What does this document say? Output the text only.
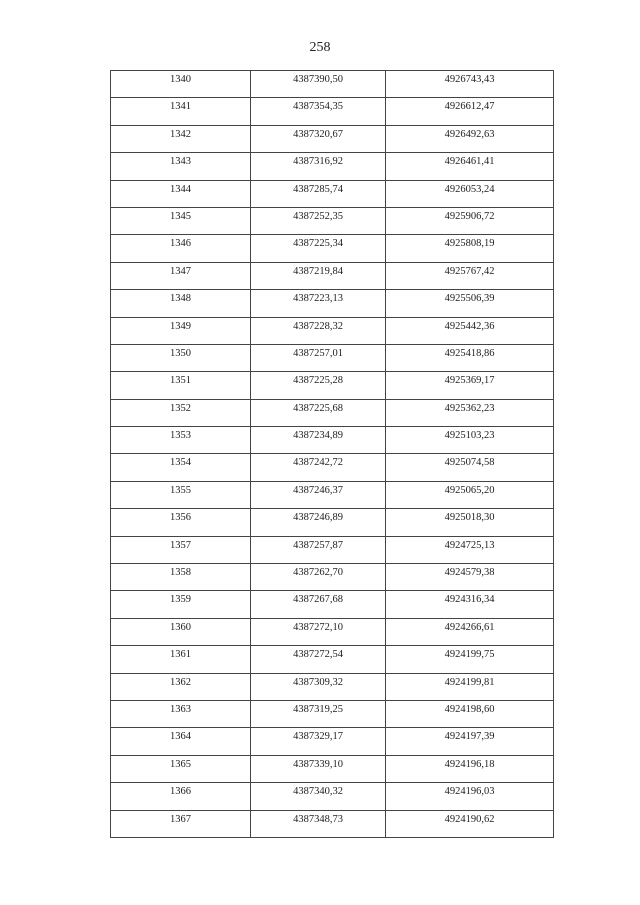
258
1340	4387390,50	4926743,43

1341	4387354,35	4926612,47

1342	4387320,67	4926492,63

1343	4387316,92	4926461,41

1344	4387285,74	4926053,24

1345	4387252,35	4925906,72

1346	4387225,34	4925808,19

1347	4387219,84	4925767,42

1348	4387223,13	4925506,39

1349	4387228,32	4925442,36

1350	4387257,01	4925418,86

1351	4387225,28	4925369,17

1352	4387225,68	4925362,23

1353	4387234,89	4925103,23

1354	4387242,72	4925074,58

1355	4387246,37	4925065,20

1356	4387246,89	4925018,30

1357	4387257,87	4924725,13

1358	4387262,70	4924579,38

1359	4387267,68	4924316,34

1360	4387272,10	4924266,61

1361	4387272,54	4924199,75

1362	4387309,32	4924199,81

1363	4387319,25	4924198,60

1364	4387329,17	4924197,39

1365	4387339,10	4924196,18

1366	4387340,32	4924196,03

1367	4387348,73	4924190,62
